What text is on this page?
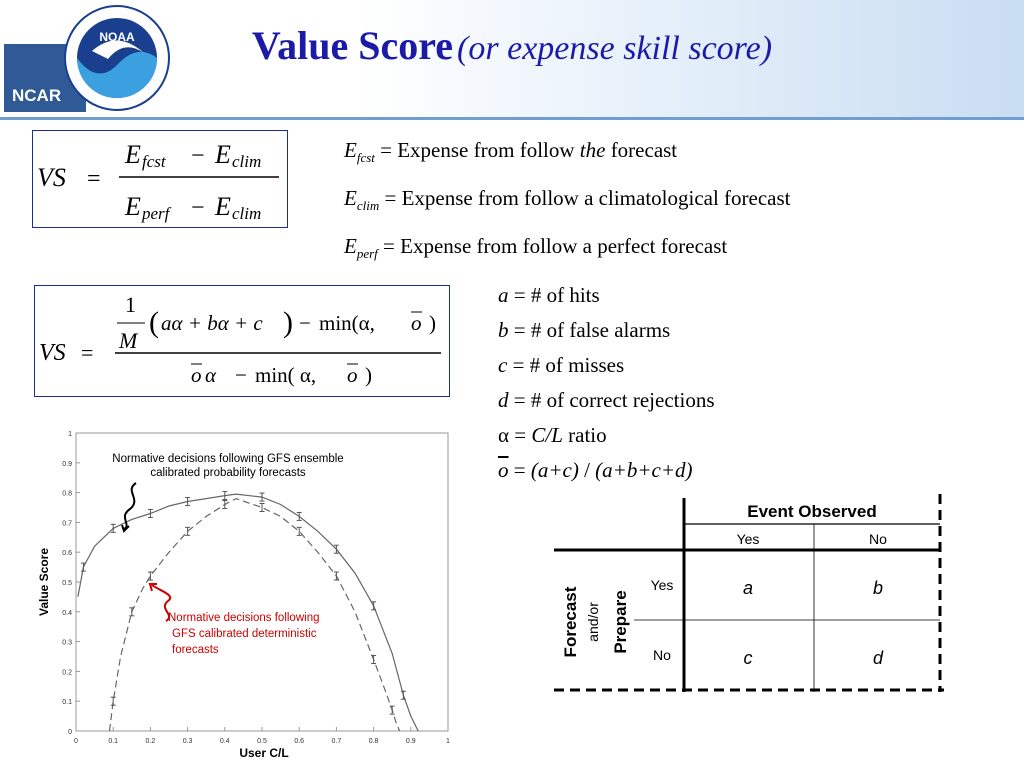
NCAR
NOAA	Value Score (or expense skill score)
VS =
E fcst E clim
E perf E clim
−
−
$E_{fcst}$ = Expense from follow the forecast
$E_{clim}$ = Expense from follow a climatological forecast
$E_{perf}$ = Expense from follow a perfect forecast
VS =
1
M
( aα + bα + c ) − min(α, o )
o α − min( α, o )
a = # of hits
b = # of false alarms
c = # of misses
d = # of correct rejections
α = C/L ratio
$\overline{o} = (a+c) / (a+b+c+d)$
0
0.1
0.2
0.3
0.4
0.5
0.6
0.7
0.8
0.9
1
0	0.1	0.2	0.3	0.4	0.5	0.6	0.7	0.8	0.9	1
Value Score
User C/L
Normative decisions following GFS ensemble
calibrated probability forecasts
Normative decisions following
GFS calibrated deterministic
forecasts
Event Observed
Yes	No
Forecast and/or Prepare
Yes
No
a	b
c	d
